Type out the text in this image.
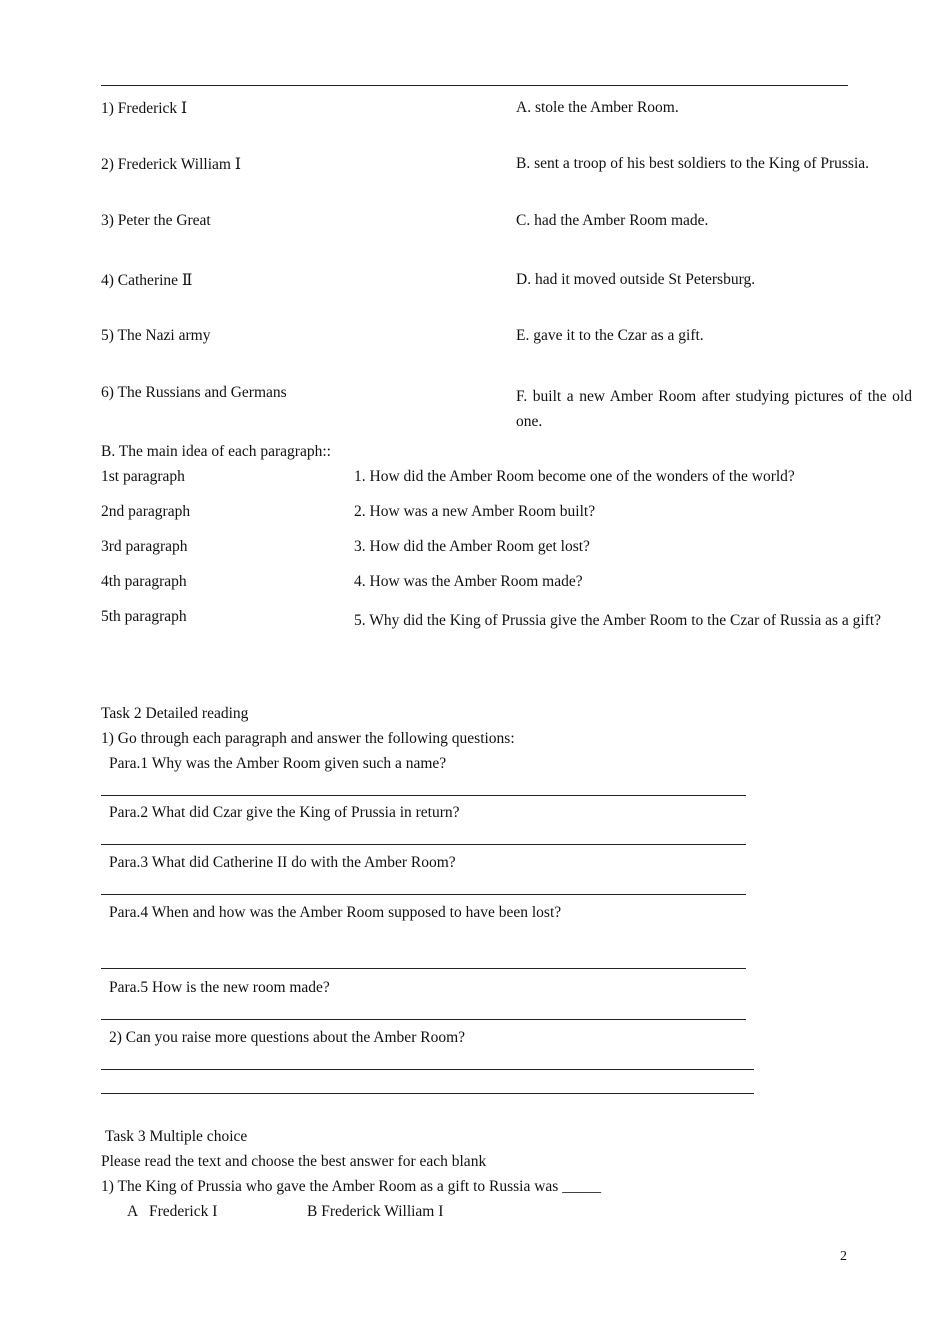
1) Frederick Ⅰ	A. stole the Amber Room.
2) Frederick William Ⅰ	B. sent a troop of his best soldiers to the King of Prussia.
3) Peter the Great	C. had the Amber Room made.
4) Catherine Ⅱ	D. had it moved outside St Petersburg.
5) The Nazi army	E. gave it to the Czar as a gift.
6) The Russians and Germans	F. built a new Amber Room after studying pictures of the old one.
B. The main idea of each paragraph::
1st paragraph	1. How did the Amber Room become one of the wonders of the world?
2nd paragraph	2. How was a new Amber Room built?
3rd paragraph	3. How did the Amber Room get lost?
4th paragraph	4. How was the Amber Room made?
5th paragraph	5. Why did the King of Prussia give the Amber Room to the Czar of Russia as a gift?
Task 2 Detailed reading
1) Go through each paragraph and answer the following questions:
Para.1 Why was the Amber Room given such a name?
Para.2 What did Czar give the King of Prussia in return?
Para.3 What did Catherine II do with the Amber Room?
Para.4 When and how was the Amber Room supposed to have been lost?
Para.5 How is the new room made?
2) Can you raise more questions about the Amber Room?
Task 3 Multiple choice
Please read the text and choose the best answer for each blank
1) The King of Prussia who gave the Amber Room as a gift to Russia was _____
A   Frederick I	B Frederick William I
2
